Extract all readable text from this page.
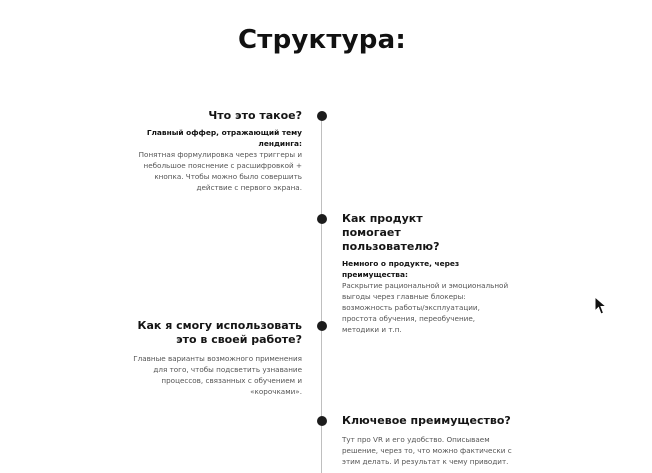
Структура:
Что это такое?

Главный оффер, отражающий тему лендинга:

Понятная формулировка через триггеры и небольшое пояснение с расшифровкой + кнопка. Чтобы можно было совершить действие с первого экрана.

Как продукт помогает пользователю?

Немного о продукте, через преимущества:

Раскрытие рациональной и эмоциональной выгоды через главные блокеры: возможность работы/эксплуатации, простота обучения, переобучение, методики и т.п.

Как я смогу использовать это в своей работе?

Главные варианты возможного применения для того, чтобы подсветить узнавание процессов, связанных с обучением и «корочками».

Ключевое преимущество?

Тут про VR и его удобство. Описываем решение, через то, что можно фактически с этим делать. И результат к чему приводит.
